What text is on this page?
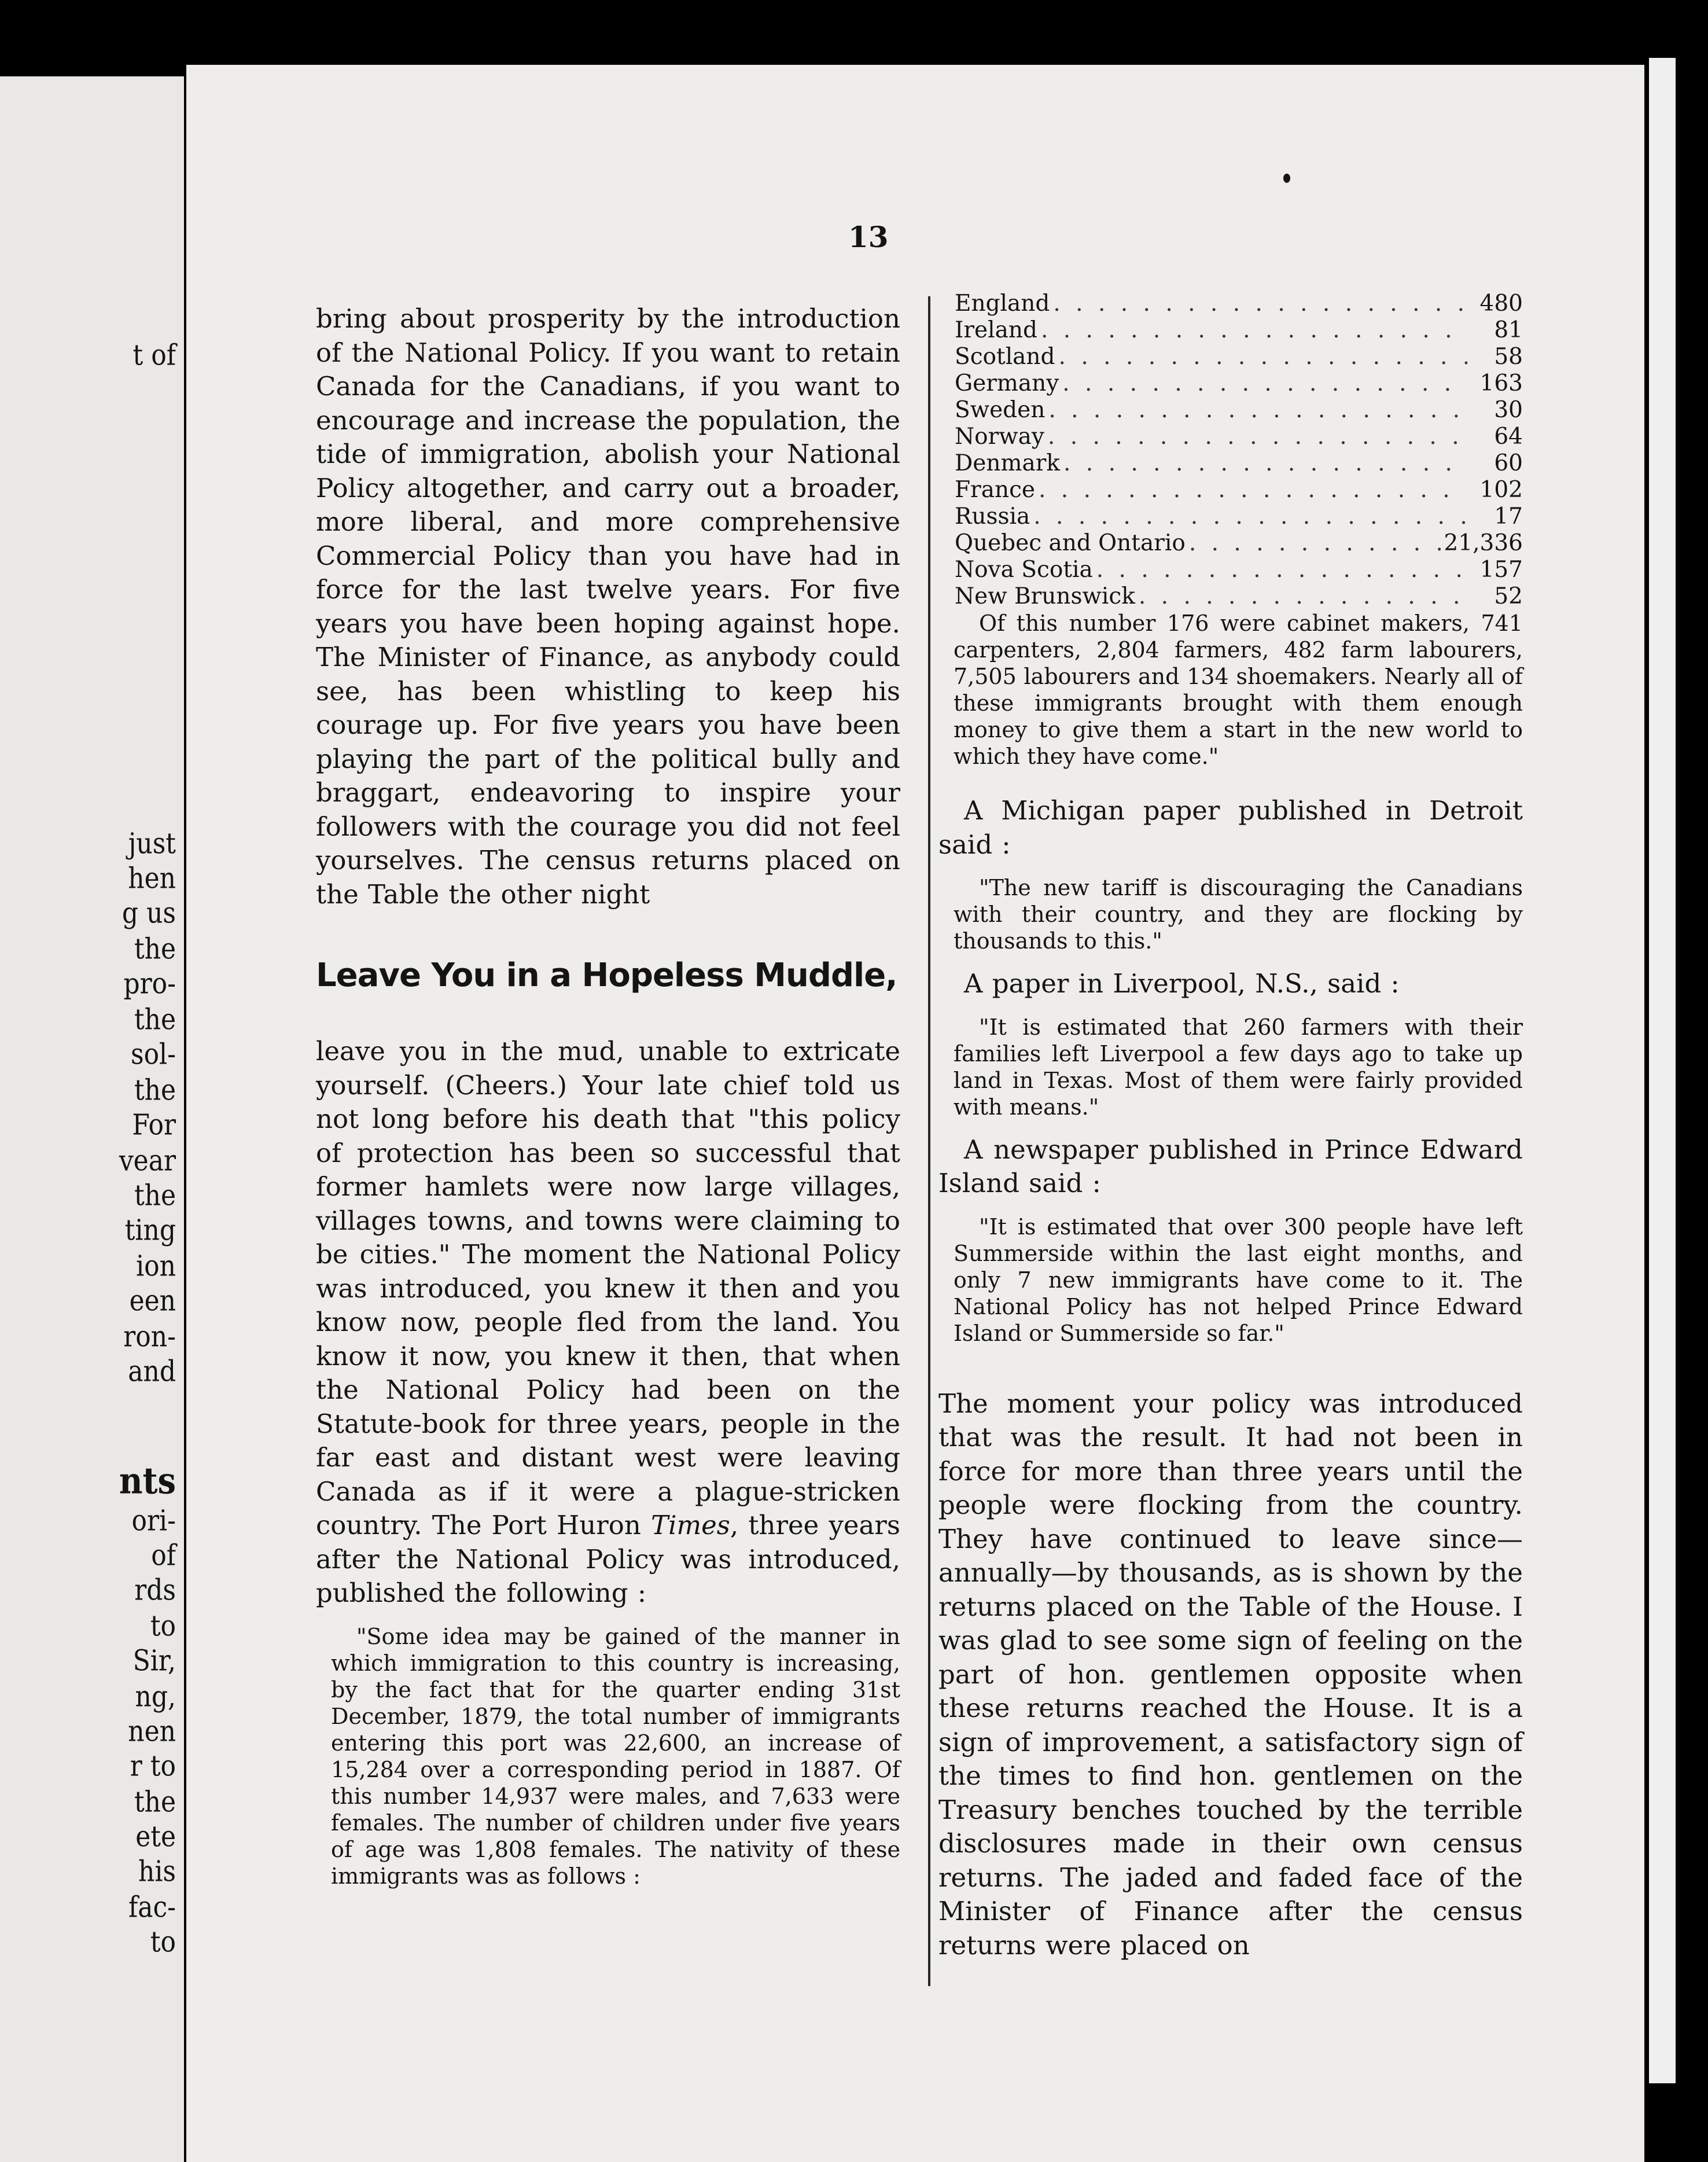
t of

just

hen

g us

the

pro-

the

sol-

the

For

vear

the

ting

ion

een

ron-

and

nts

ori-

of

rds

to

Sir,

ng,

nen

r to

the

ete

his

fac-

to

13

bring about prosperity by the introduction of the National Policy. If you want to retain Canada for the Canadians, if you want to encourage and increase the population, the tide of immigration, abolish your National Policy altogether, and carry out a broader, more liberal, and more comprehensive Commercial Policy than you have had in force for the last twelve years. For five years you have been hoping against hope. The Minister of Finance, as anybody could see, has been whistling to keep his courage up. For five years you have been playing the part of the political bully and braggart, endeavoring to inspire your followers with the courage you did not feel yourselves. The census returns placed on the Table the other night

Leave You in a Hopeless Muddle,

leave you in the mud, unable to extricate yourself. (Cheers.) Your late chief told us not long before his death that "this policy of protection has been so successful that former hamlets were now large villages, villages towns, and towns were claiming to be cities." The moment the National Policy was introduced, you knew it then and you know now, people fled from the land. You know it now, you knew it then, that when the National Policy had been on the Statute-book for three years, people in the far east and distant west were leaving Canada as if it were a plague-stricken country. The Port Huron Times, three years after the National Policy was introduced, published the following :

"Some idea may be gained of the manner in which immigration to this country is increasing, by the fact that for the quarter ending 31st December, 1879, the total number of immigrants entering this port was 22,600, an increase of 15,284 over a corresponding period in 1887. Of this number 14,937 were males, and 7,633 were females. The number of children under five years of age was 1,808 females. The nativity of these immigrants was as follows :

England . . .	480
Ireland . . .	81
Scotland . . .	58
Germany . . .	163
Sweden . . .	30
Norway . . .	64
Denmark . . .	60
France . . .	102
Russia . . .	17
Quebec and Ontario . . .	21,336
Nova Scotia . . .	157
New Brunswick . . .	52

Of this number 176 were cabinet makers, 741 carpenters, 2,804 farmers, 482 farm labourers, 7,505 labourers and 134 shoemakers. Nearly all of these immigrants brought with them enough money to give them a start in the new world to which they have come."

A Michigan paper published in Detroit said :

"The new tariff is discouraging the Canadians with their country, and they are flocking by thousands to this."

A paper in Liverpool, N.S., said :

"It is estimated that 260 farmers with their families left Liverpool a few days ago to take up land in Texas. Most of them were fairly provided with means."

A newspaper published in Prince Edward Island said :

"It is estimated that over 300 people have left Summerside within the last eight months, and only 7 new immigrants have come to it. The National Policy has not helped Prince Edward Island or Summerside so far."

The moment your policy was introduced that was the result. It had not been in force for more than three years until the people were flocking from the country. They have continued to leave since—annually—by thousands, as is shown by the returns placed on the Table of the House. I was glad to see some sign of feeling on the part of hon. gentlemen opposite when these returns reached the House. It is a sign of improvement, a satisfactory sign of the times to find hon. gentlemen on the Treasury benches touched by the terrible disclosures made in their own census returns. The jaded and faded face of the Minister of Finance after the census returns were placed on
